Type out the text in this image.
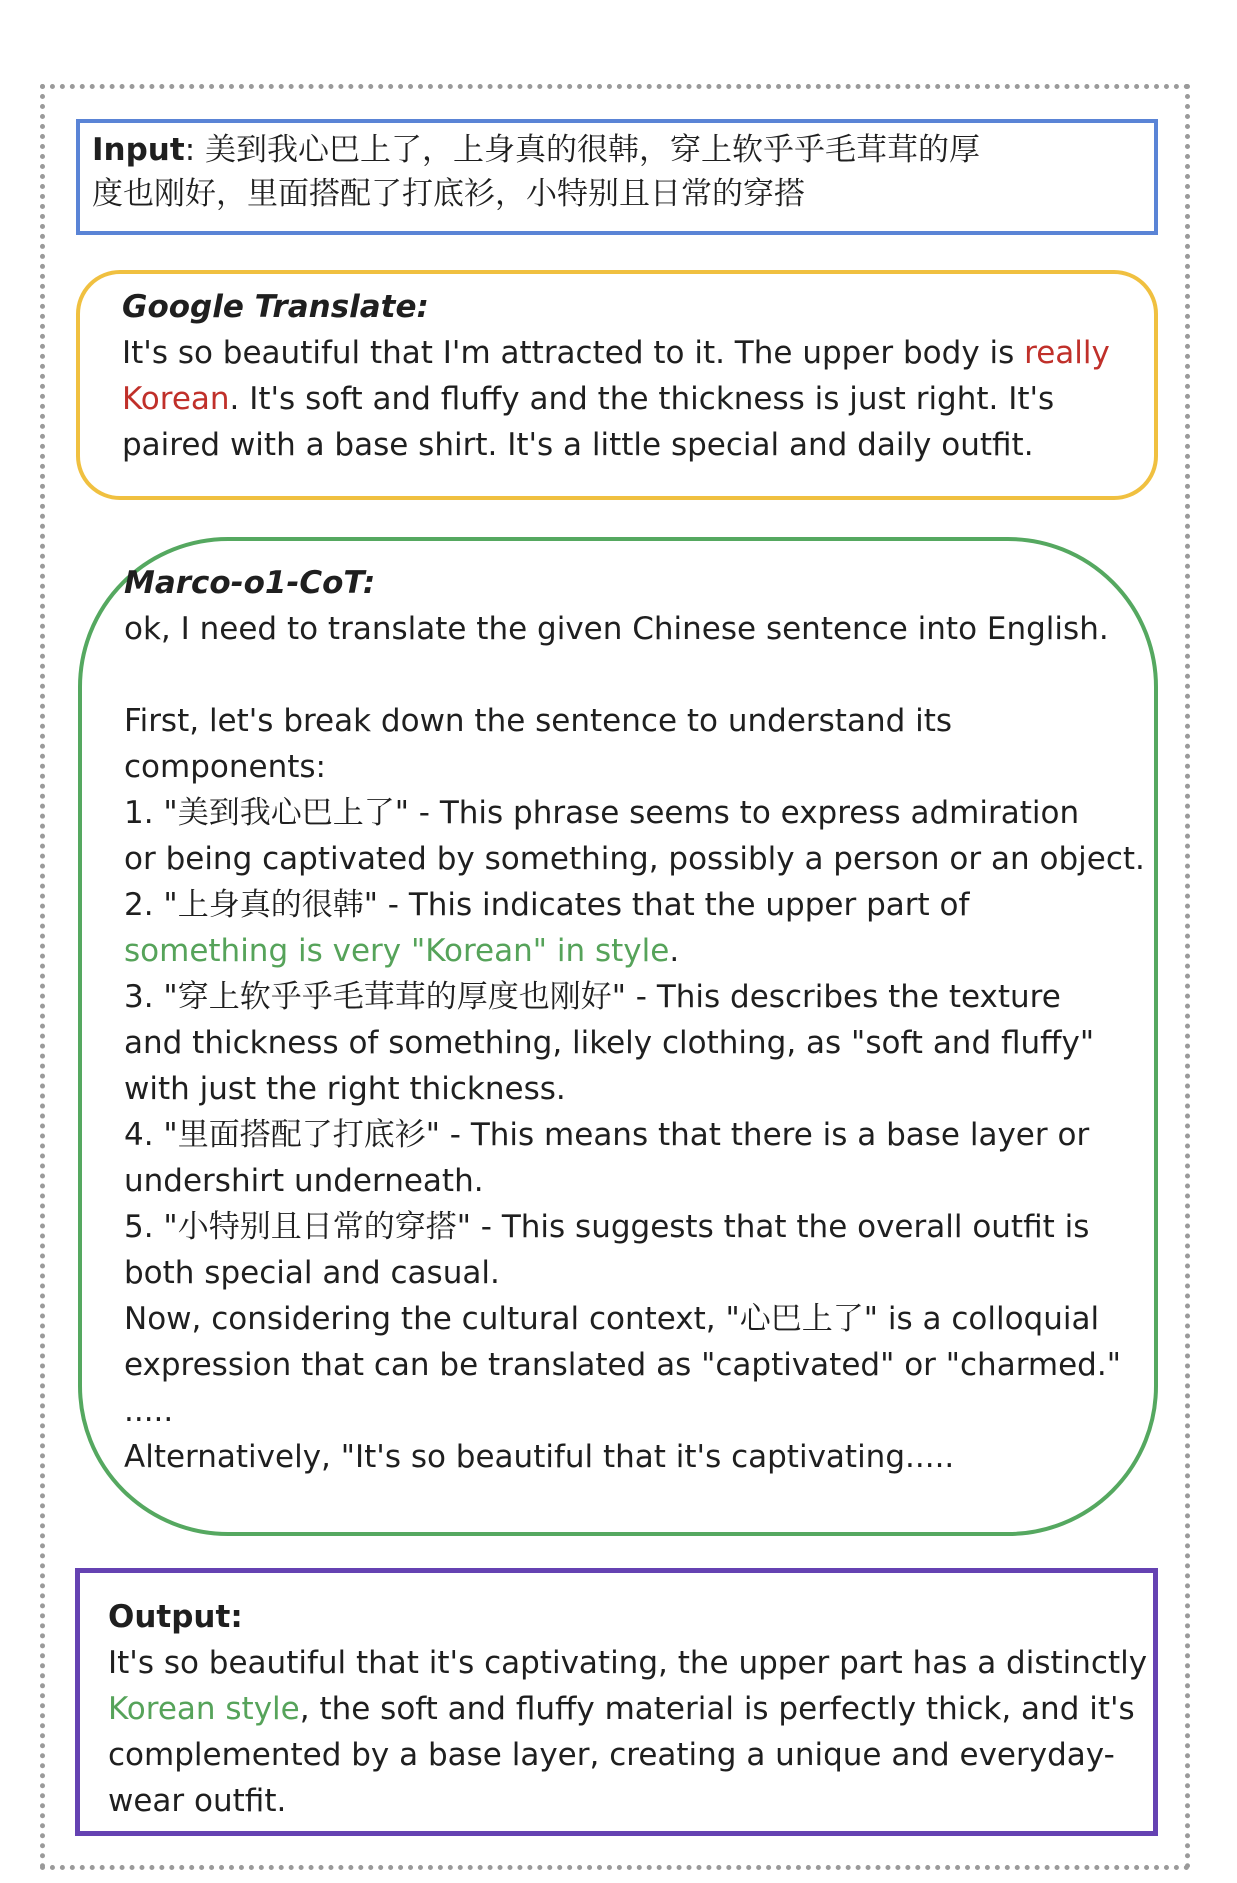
Input: 美到我心巴上了，上身真的很韩，穿上软乎乎毛茸茸的厚
度也刚好，里面搭配了打底衫，小特别且日常的穿搭
Google Translate:
It's so beautiful that I'm attracted to it. The upper body is really
Korean. It's soft and fluffy and the thickness is just right. It's
paired with a base shirt. It's a little special and daily outfit.
Marco-o1-CoT:
ok, I need to translate the given Chinese sentence into English.
First, let's break down the sentence to understand its
components:
1. "美到我心巴上了" - This phrase seems to express admiration
or being captivated by something, possibly a person or an object.
2. "上身真的很韩" - This indicates that the upper part of
something is very "Korean" in style.
3. "穿上软乎乎毛茸茸的厚度也刚好" - This describes the texture
and thickness of something, likely clothing, as "soft and fluffy"
with just the right thickness.
4. "里面搭配了打底衫" - This means that there is a base layer or
undershirt underneath.
5. "小特别且日常的穿搭" - This suggests that the overall outfit is
both special and casual.
Now, considering the cultural context, "心巴上了" is a colloquial
expression that can be translated as "captivated" or "charmed."
.....
Alternatively, "It's so beautiful that it's captivating.....
Output:
It's so beautiful that it's captivating, the upper part has a distinctly
Korean style, the soft and fluffy material is perfectly thick, and it's
complemented by a base layer, creating a unique and everyday-
wear outfit.
